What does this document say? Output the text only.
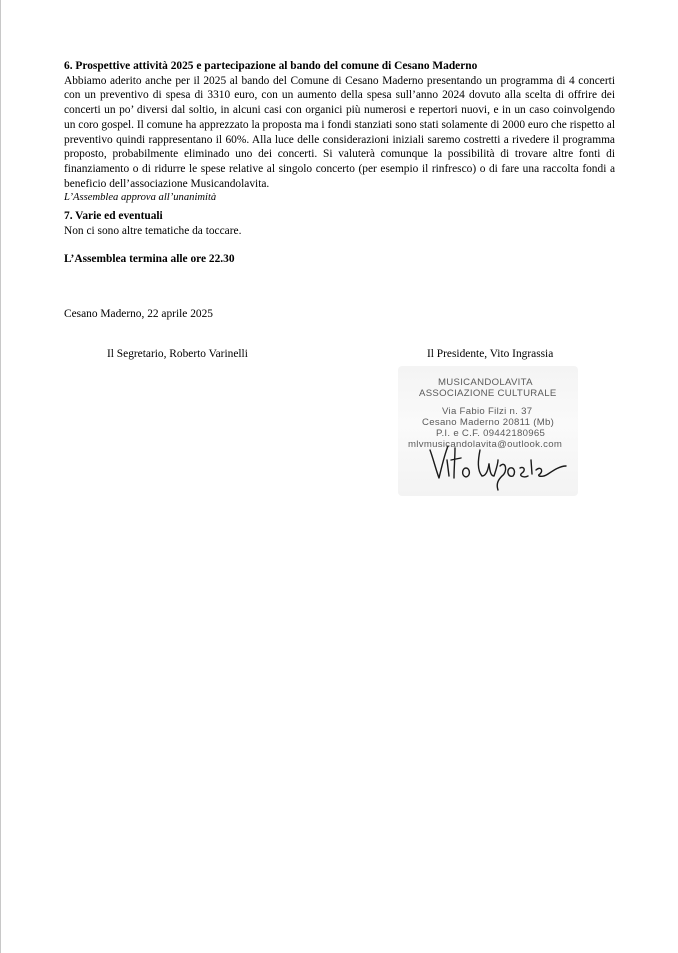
6. Prospettive attività 2025 e partecipazione al bando del comune di Cesano Maderno
Abbiamo aderito anche per il 2025 al bando del Comune di Cesano Maderno presentando un programma di 4 concerti con un preventivo di spesa di 3310 euro, con un aumento della spesa sull’anno 2024 dovuto alla scelta di offrire dei concerti un po’ diversi dal soltio, in alcuni casi con organici più numerosi e repertori nuovi, e in un caso coinvolgendo un coro gospel. Il comune ha apprezzato la proposta ma i fondi stanziati sono stati solamente di 2000 euro che rispetto al preventivo quindi rappresentano il 60%. Alla luce delle considerazioni iniziali saremo costretti a rivedere il programma proposto, probabilmente eliminado uno dei concerti. Si valuterà comunque la possibilità di trovare altre fonti di finanziamento o di ridurre le spese relative al singolo concerto (per esempio il rinfresco) o di fare una raccolta fondi a beneficio dell’associazione Musicandolavita.
L’Assemblea approva all’unanimità
7. Varie ed eventuali
Non ci sono altre tematiche da toccare.
L’Assemblea termina alle ore 22.30
Cesano Maderno, 22 aprile 2025
Il Segretario, Roberto Varinelli	Il Presidente, Vito Ingrassia
MUSICANDOLAVITA
ASSOCIAZIONE CULTURALE
Via Fabio Filzi n. 37
Cesano Maderno 20811 (Mb)
P.I. e C.F. 09442180965
mlvmusicandolavita@outlook.com
